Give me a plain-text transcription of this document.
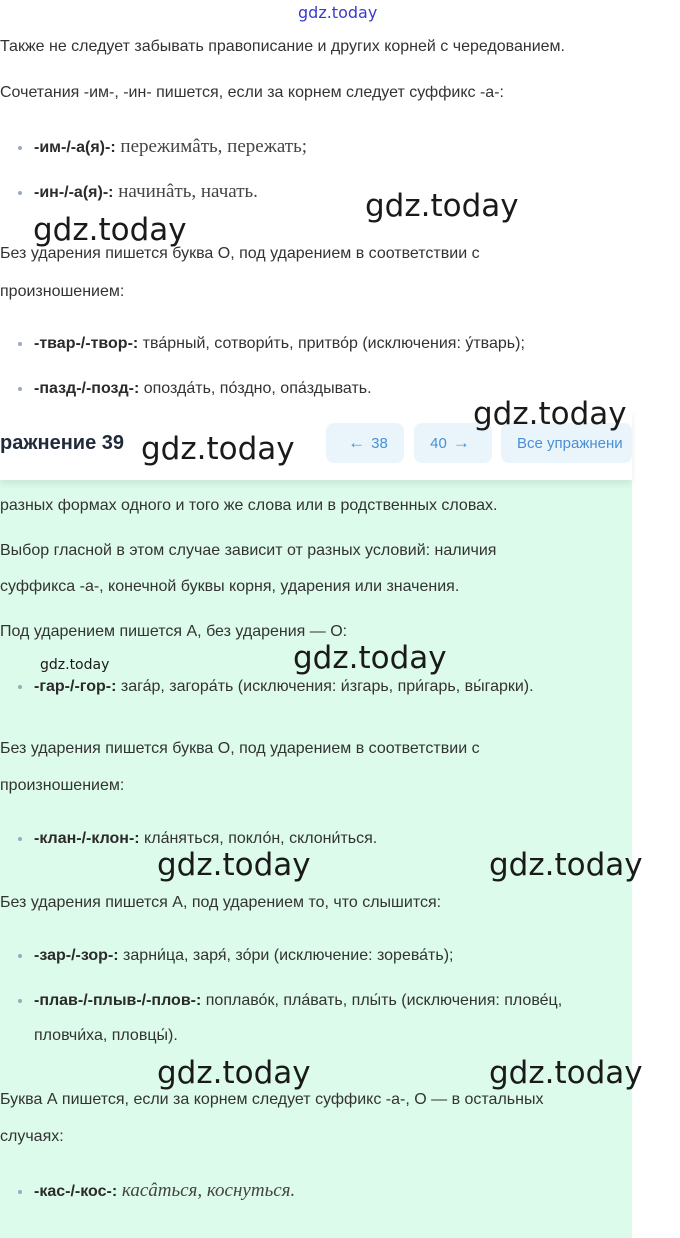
gdz.today
Также не следует забывать правописание и других корней с чередованием.
Сочетания -им-, -ин- пишется, если за корнем следует суффикс -а-:
-им-/-а(я)-: пережимâть, пережать;
-ин-/-а(я)-: начинâть, начать.	gdz.today
gdz.today
Без ударения пишется буква О, под ударением в соответствии с
произношением:
-твар-/-твор-: тва́рный, сотвори́ть, притво́р (исключения: у́тварь);
-пазд-/-позд-: опозда́ть, по́здно, опа́здывать.
ражнение 39	← 38	40 →	Все упражнени
gdz.today
gdz.today
разных формах одного и того же слова или в родственных словах.
Выбор гласной в этом случае зависит от разных условий: наличия
суффикса -а-, конечной буквы корня, ударения или значения.
Под ударением пишется А, без ударения — О:
gdz.today	gdz.today
-гар-/-гор-: зага́р, загора́ть (исключения: и́згарь, при́гарь, вы́гарки).
Без ударения пишется буква О, под ударением в соответствии с
произношением:
-клан-/-клон-: кла́няться, покло́н, склони́ться.
gdz.today	gdz.today
Без ударения пишется А, под ударением то, что слышится:
-зар-/-зор-: зарни́ца, заря́, зо́ри (исключение: зорева́ть);
-плав-/-плыв-/-плов-: поплаво́к, пла́вать, плы́ть (исключения: плове́ц,
пловчи́ха, пловцы́).
gdz.today	gdz.today
Буква А пишется, если за корнем следует суффикс -а-, О — в остальных
случаях:
-кас-/-кос-: касâться, коснуться.
